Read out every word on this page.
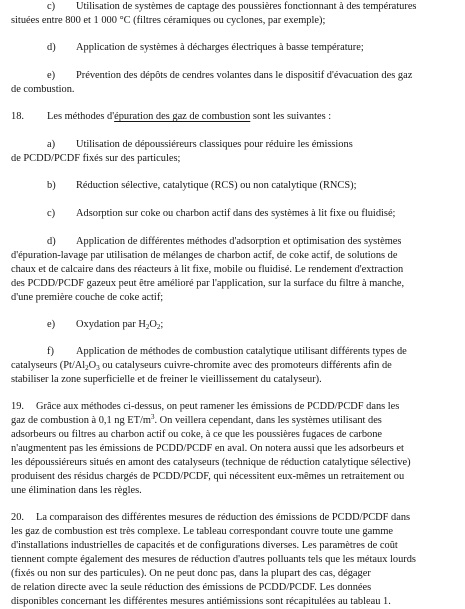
c) Utilisation de systèmes de captage des poussières fonctionnant à des températures
situées entre 800 et 1 000 °C (filtres céramiques ou cyclones, par exemple);
d) Application de systèmes à décharges électriques à basse température;
e) Prévention des dépôts de cendres volantes dans le dispositif d'évacuation des gaz
de combustion.
18. Les méthodes d'épuration des gaz de combustion sont les suivantes :
a) Utilisation de dépoussiéreurs classiques pour réduire les émissions
de PCDD/PCDF fixés sur des particules;
b) Réduction sélective, catalytique (RCS) ou non catalytique (RNCS);
c) Adsorption sur coke ou charbon actif dans des systèmes à lit fixe ou fluidisé;
d) Application de différentes méthodes d'adsorption et optimisation des systèmes
d'épuration-lavage par utilisation de mélanges de charbon actif, de coke actif, de solutions de
chaux et de calcaire dans des réacteurs à lit fixe, mobile ou fluidisé. Le rendement d'extraction
des PCDD/PCDF gazeux peut être amélioré par l'application, sur la surface du filtre à manche,
d'une première couche de coke actif;
e) Oxydation par $H_2O_2$;
f) Application de méthodes de combustion catalytique utilisant différents types de
catalyseurs ($Pt/Al_2O_3$ ou catalyseurs cuivre-chromite avec des promoteurs différents afin de
stabiliser la zone superficielle et de freiner le vieillissement du catalyseur).
19. Grâce aux méthodes ci-dessus, on peut ramener les émissions de PCDD/PCDF dans les
gaz de combustion à 0,1 ng $ET/m^3$. On veillera cependant, dans les systèmes utilisant des
adsorbeurs ou filtres au charbon actif ou coke, à ce que les poussières fugaces de carbone
n'augmentent pas les émissions de PCDD/PCDF en aval. On notera aussi que les adsorbeurs et
les dépoussiéreurs situés en amont des catalyseurs (technique de réduction catalytique sélective)
produisent des résidus chargés de PCDD/PCDF, qui nécessitent eux-mêmes un retraitement ou
une élimination dans les règles.
20. La comparaison des différentes mesures de réduction des émissions de PCDD/PCDF dans
les gaz de combustion est très complexe. Le tableau correspondant couvre toute une gamme
d'installations industrielles de capacités et de configurations diverses. Les paramètres de coût
tiennent compte également des mesures de réduction d'autres polluants tels que les métaux lourds
(fixés ou non sur des particules). On ne peut donc pas, dans la plupart des cas, dégager
de relation directe avec la seule réduction des émissions de PCDD/PCDF. Les données
disponibles concernant les différentes mesures antiémissions sont récapitulées au tableau 1.
